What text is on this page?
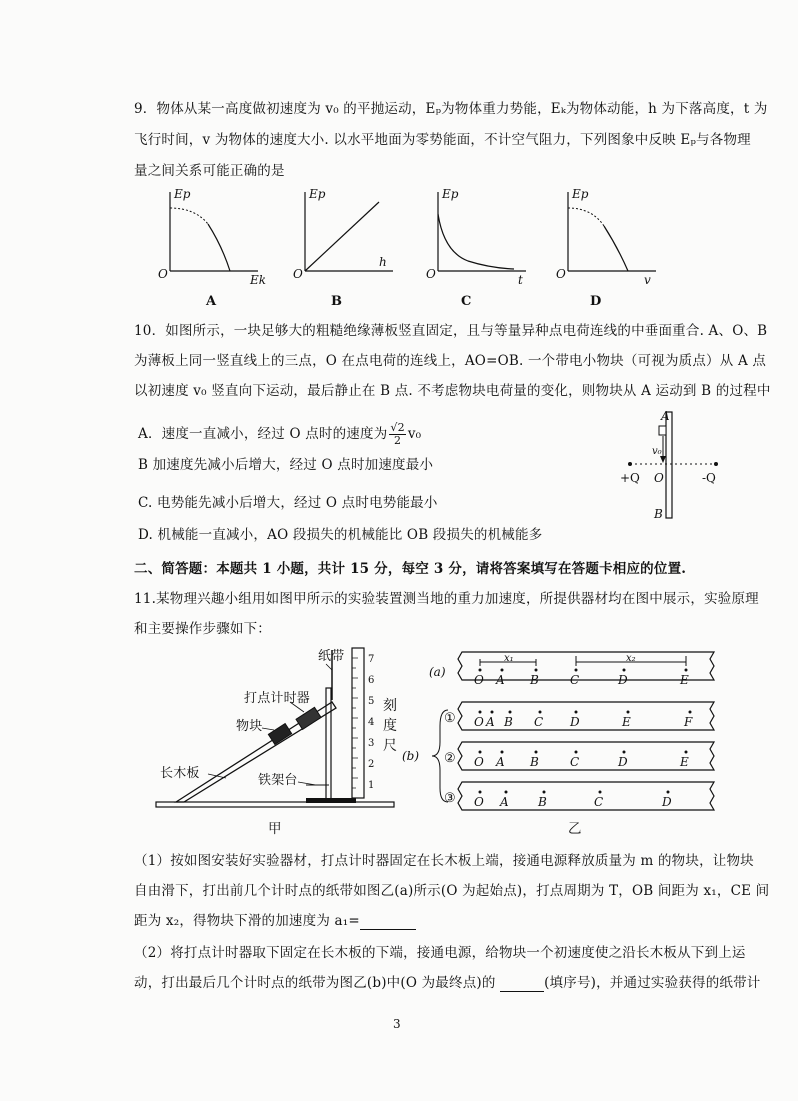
9．物体从某一高度做初速度为 v₀ 的平抛运动，Eₚ为物体重力势能，Eₖ为物体动能，h 为下落高度，t 为
飞行时间，v 为物体的速度大小. 以水平地面为零势能面，不计空气阻力，下列图象中反映 Eₚ与各物理
量之间关系可能正确的是
Ep
Ek
O
Ep
h
O
Ep
t
O
Ep
v
O
A	B	C	D
10．如图所示，一块足够大的粗糙绝缘薄板竖直固定，且与等量异种点电荷连线的中垂面重合. A、O、B
为薄板上同一竖直线上的三点，O 在点电荷的连线上，AO=OB. 一个带电小物块（可视为质点）从 A 点
以初速度 v₀ 竖直向下运动，最后静止在 B 点. 不考虑物块电荷量的变化，则物块从 A 运动到 B 的过程中
A．速度一直减小，经过 O 点时的速度为 $\frac{√2}{2} v_0$
B 加速度先减小后增大，经过 O 点时加速度最小
C. 电势能先减小后增大，经过 O 点时电势能最小
D. 机械能一直减小，AO 段损失的机械能比 OB 段损失的机械能多
A
v₀
+Q O	-Q
B
二、简答题：本题共 1 小题，共计 15 分，每空 3 分，请将答案填写在答题卡相应的位置.
11.某物理兴趣小组用如图甲所示的实验装置测当地的重力加速度，所提供器材均在图中展示，实验原理
和主要操作步骤如下：
1
2
3
4
5
6
7
纸带
打点计时器
物块
长木板	铁架台
刻度尺
甲
(a)
(b)
x₁	x₂
O A B	C	D	E
O A B C D	E	F
O A B	C	D	E
O A B	C	D
①
②
③
乙
（1）按如图安装好实验器材，打点计时器固定在长木板上端，接通电源释放质量为 m 的物块，让物块
自由滑下，打出前几个计时点的纸带如图乙(a)所示(O 为起始点)，打点周期为 T，OB 间距为 x₁，CE 间
距为 x₂，得物块下滑的加速度为 a₁=
（2）将打点计时器取下固定在长木板的下端，接通电源，给物块一个初速度使之沿长木板从下到上运
动，打出最后几个计时点的纸带为图乙(b)中(O 为最终点)的	(填序号)，并通过实验获得的纸带计
3
